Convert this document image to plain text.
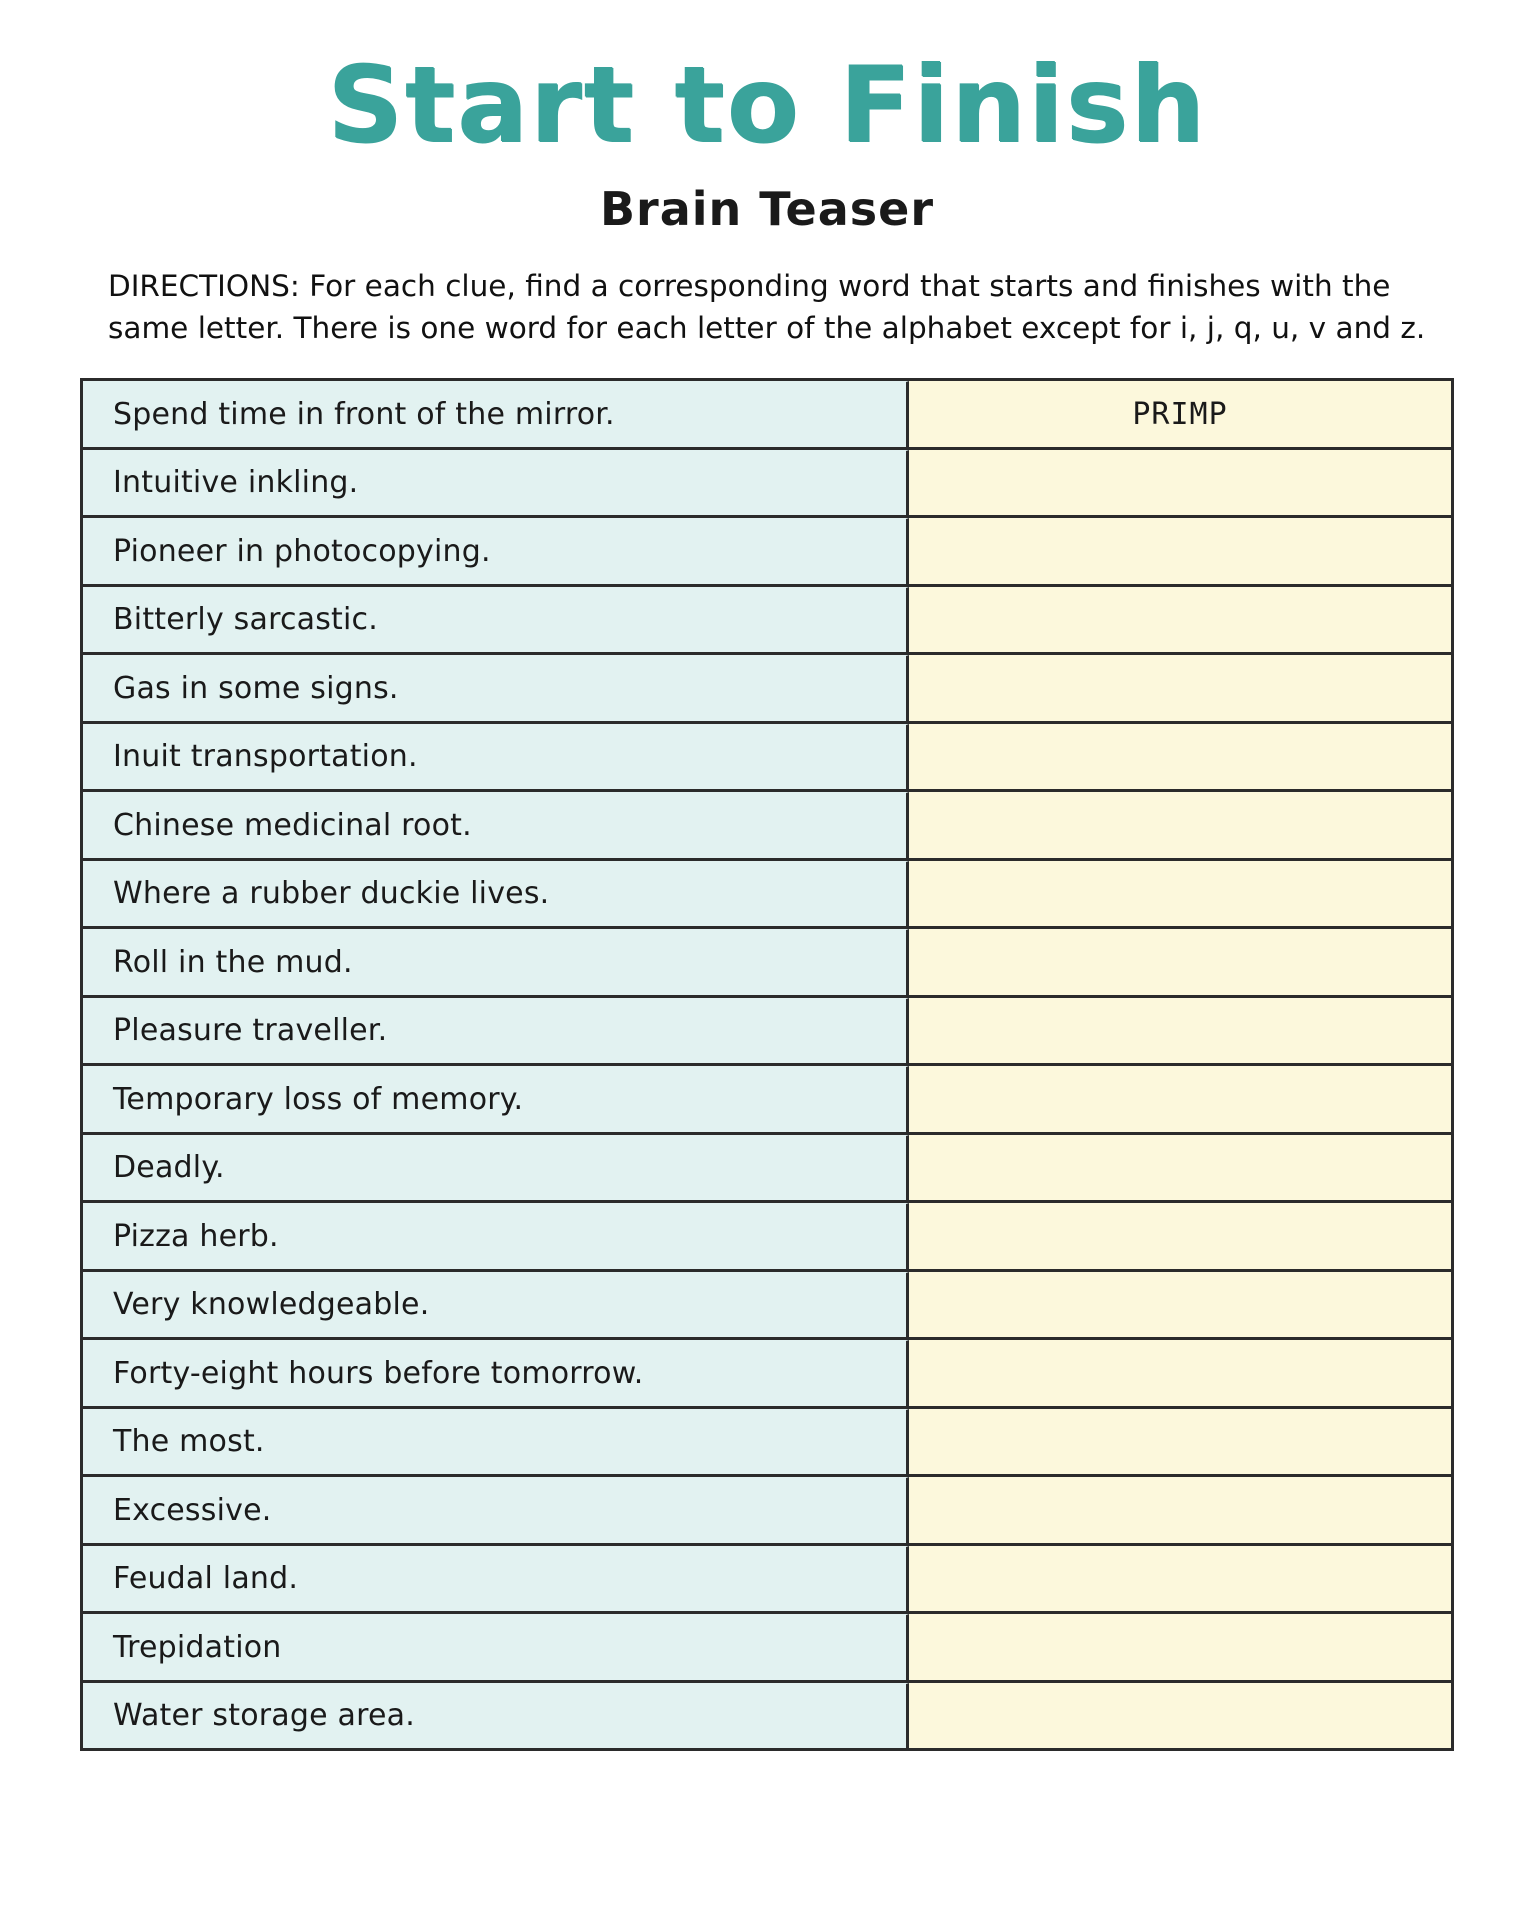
Start to Finish
Brain Teaser

DIRECTIONS: For each clue, find a corresponding word that starts and finishes with the same letter. There is one word for each letter of the alphabet except for i, j, q, u, v and z.

Spend time in front of the mirror.	PRIMP
Intuitive inkling.
Pioneer in photocopying.
Bitterly sarcastic.
Gas in some signs.
Inuit transportation.
Chinese medicinal root.
Where a rubber duckie lives.
Roll in the mud.
Pleasure traveller.
Temporary loss of memory.
Deadly.
Pizza herb.
Very knowledgeable.
Forty-eight hours before tomorrow.
The most.
Excessive.
Feudal land.
Trepidation
Water storage area.
